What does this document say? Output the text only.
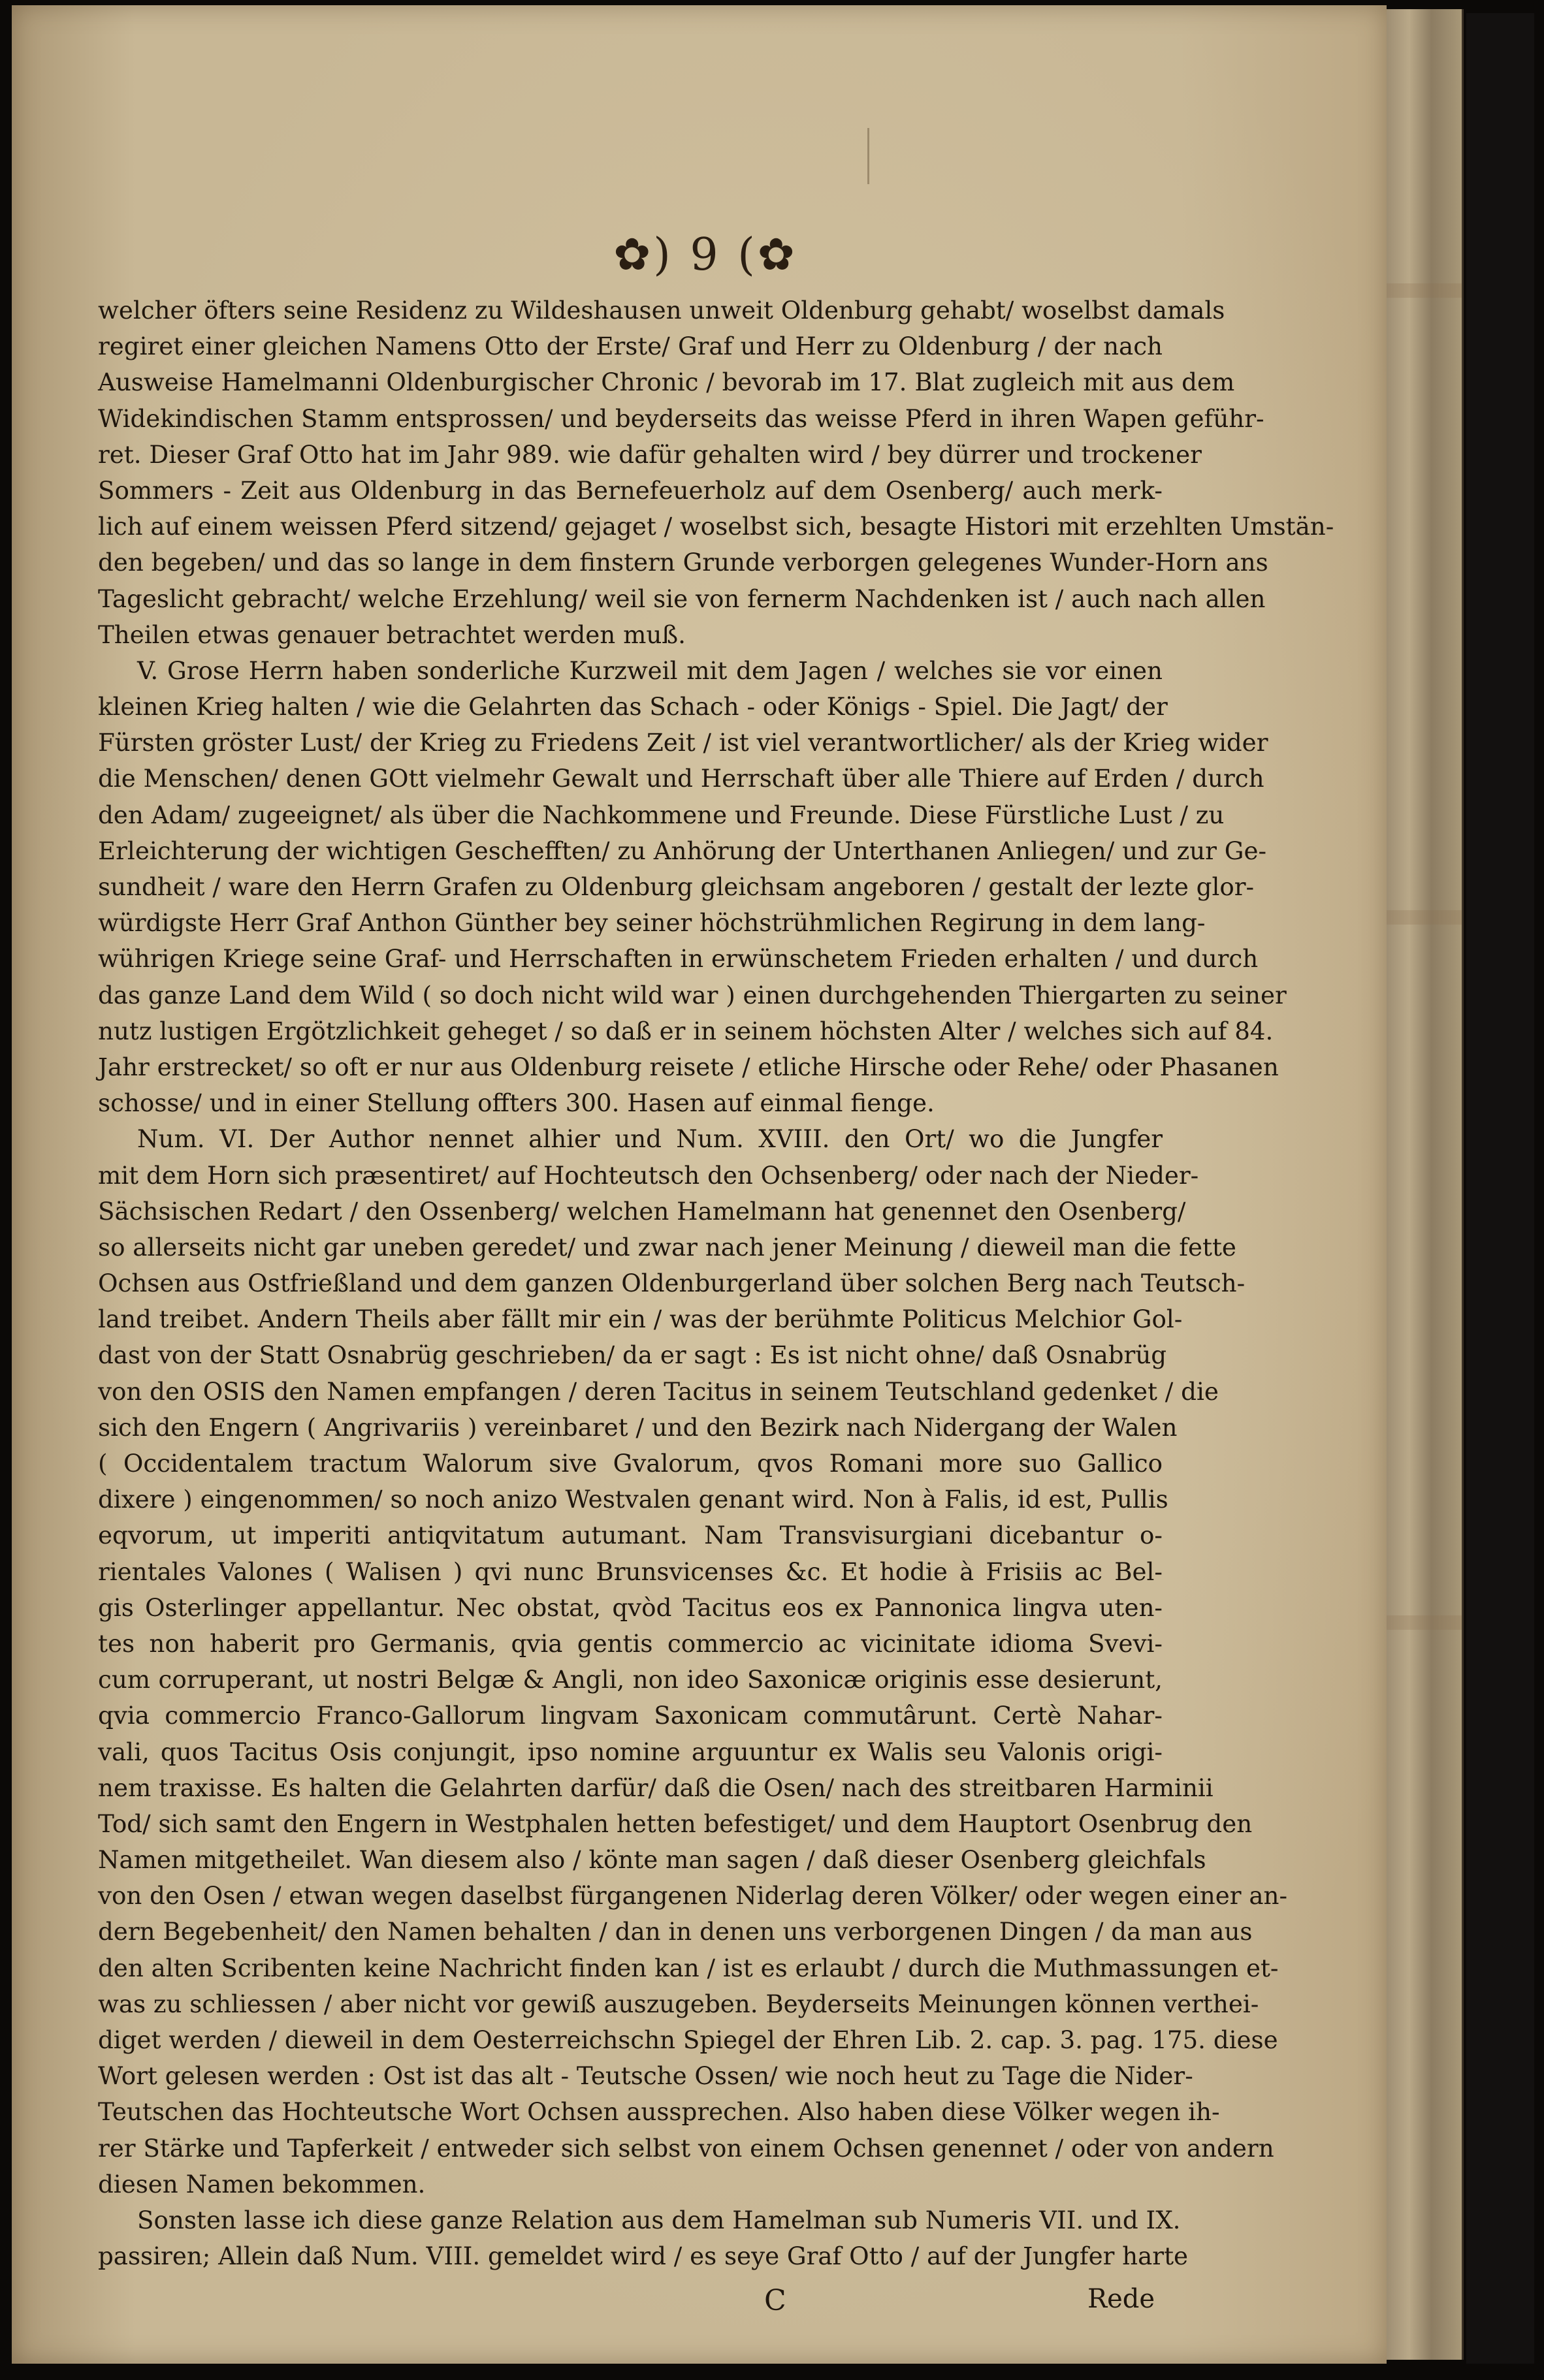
✿) 9 (✿
welcher öfters seine Residenz zu Wildeshausen unweit Oldenburg gehabt/ woselbst damals
regiret einer gleichen Namens Otto der Erste/ Graf und Herr zu Oldenburg / der nach
Ausweise Hamelmanni Oldenburgischer Chronic / bevorab im 17. Blat zugleich mit aus dem
Widekindischen Stamm entsprossen/ und beyderseits das weisse Pferd in ihren Wapen geführ-
ret. Dieser Graf Otto hat im Jahr 989. wie dafür gehalten wird / bey dürrer und trockener
Sommers - Zeit aus Oldenburg in das Bernefeuerholz auf dem Osenberg/ auch merk-
lich auf einem weissen Pferd sitzend/ gejaget / woselbst sich, besagte Histori mit erzehlten Umstän-
den begeben/ und das so lange in dem finstern Grunde verborgen gelegenes Wunder-Horn ans
Tageslicht gebracht/ welche Erzehlung/ weil sie von fernerm Nachdenken ist / auch nach allen
Theilen etwas genauer betrachtet werden muß.
V. Grose Herrn haben sonderliche Kurzweil mit dem Jagen / welches sie vor einen
kleinen Krieg halten / wie die Gelahrten das Schach - oder Königs - Spiel. Die Jagt/ der
Fürsten gröster Lust/ der Krieg zu Friedens Zeit / ist viel verantwortlicher/ als der Krieg wider
die Menschen/ denen GOtt vielmehr Gewalt und Herrschaft über alle Thiere auf Erden / durch
den Adam/ zugeeignet/ als über die Nachkommene und Freunde. Diese Fürstliche Lust / zu
Erleichterung der wichtigen Geschefften/ zu Anhörung der Unterthanen Anliegen/ und zur Ge-
sundheit / ware den Herrn Grafen zu Oldenburg gleichsam angeboren / gestalt der lezte glor-
würdigste Herr Graf Anthon Günther bey seiner höchstrühmlichen Regirung in dem lang-
wührigen Kriege seine Graf- und Herrschaften in erwünschetem Frieden erhalten / und durch
das ganze Land dem Wild ( so doch nicht wild war ) einen durchgehenden Thiergarten zu seiner
nutz lustigen Ergötzlichkeit geheget / so daß er in seinem höchsten Alter / welches sich auf 84.
Jahr erstrecket/ so oft er nur aus Oldenburg reisete / etliche Hirsche oder Rehe/ oder Phasanen
schosse/ und in einer Stellung offters 300. Hasen auf einmal fienge.
Num. VI. Der Author nennet alhier und Num. XVIII. den Ort/ wo die Jungfer
mit dem Horn sich præsentiret/ auf Hochteutsch den Ochsenberg/ oder nach der Nieder-
Sächsischen Redart / den Ossenberg/ welchen Hamelmann hat genennet den Osenberg/
so allerseits nicht gar uneben geredet/ und zwar nach jener Meinung / dieweil man die fette
Ochsen aus Ostfrießland und dem ganzen Oldenburgerland über solchen Berg nach Teutsch-
land treibet. Andern Theils aber fällt mir ein / was der berühmte Politicus Melchior Gol-
dast von der Statt Osnabrüg geschrieben/ da er sagt : Es ist nicht ohne/ daß Osnabrüg
von den OSIS den Namen empfangen / deren Tacitus in seinem Teutschland gedenket / die
sich den Engern ( Angrivariis ) vereinbaret / und den Bezirk nach Nidergang der Walen
( Occidentalem tractum Walorum sive Gvalorum, qvos Romani more suo Gallico
dixere ) eingenommen/ so noch anizo Westvalen genant wird. Non à Falis, id est, Pullis
eqvorum, ut imperiti antiqvitatum autumant. Nam Transvisurgiani dicebantur o-
rientales Valones ( Walisen ) qvi nunc Brunsvicenses &c. Et hodie à Frisiis ac Bel-
gis Osterlinger appellantur. Nec obstat, qvòd Tacitus eos ex Pannonica lingva uten-
tes non haberit pro Germanis, qvia gentis commercio ac vicinitate idioma Svevi-
cum corruperant, ut nostri Belgæ & Angli, non ideo Saxonicæ originis esse desierunt,
qvia commercio Franco-Gallorum lingvam Saxonicam commutârunt. Certè Nahar-
vali, quos Tacitus Osis conjungit, ipso nomine arguuntur ex Walis seu Valonis origi-
nem traxisse. Es halten die Gelahrten darfür/ daß die Osen/ nach des streitbaren Harminii
Tod/ sich samt den Engern in Westphalen hetten befestiget/ und dem Hauptort Osenbrug den
Namen mitgetheilet. Wan diesem also / könte man sagen / daß dieser Osenberg gleichfals
von den Osen / etwan wegen daselbst fürgangenen Niderlag deren Völker/ oder wegen einer an-
dern Begebenheit/ den Namen behalten / dan in denen uns verborgenen Dingen / da man aus
den alten Scribenten keine Nachricht finden kan / ist es erlaubt / durch die Muthmassungen et-
was zu schliessen / aber nicht vor gewiß auszugeben. Beyderseits Meinungen können verthei-
diget werden / dieweil in dem Oesterreichschn Spiegel der Ehren Lib. 2. cap. 3. pag. 175. diese
Wort gelesen werden : Ost ist das alt - Teutsche Ossen/ wie noch heut zu Tage die Nider-
Teutschen das Hochteutsche Wort Ochsen aussprechen. Also haben diese Völker wegen ih-
rer Stärke und Tapferkeit / entweder sich selbst von einem Ochsen genennet / oder von andern
diesen Namen bekommen.
Sonsten lasse ich diese ganze Relation aus dem Hamelman sub Numeris VII. und IX.
passiren; Allein daß Num. VIII. gemeldet wird / es seye Graf Otto / auf der Jungfer harte
C	Rede
